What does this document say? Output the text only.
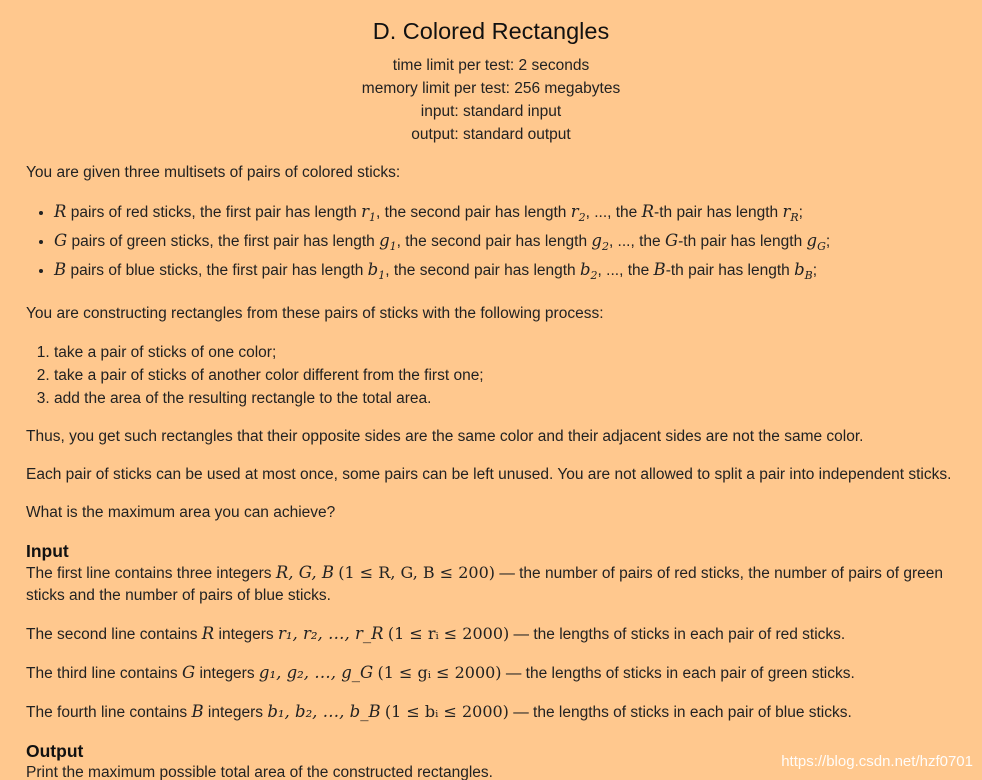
D. Colored Rectangles
time limit per test: 2 seconds
memory limit per test: 256 megabytes
input: standard input
output: standard output

You are given three multisets of pairs of colored sticks:

• R pairs of red sticks, the first pair has length $r_1$, the second pair has length $r_2$, ..., the R-th pair has length $r_R$;
• G pairs of green sticks, the first pair has length $g_1$, the second pair has length $g_2$, ..., the G-th pair has length $g_G$;
• B pairs of blue sticks, the first pair has length $b_1$, the second pair has length $b_2$, ..., the B-th pair has length $b_B$;

You are constructing rectangles from these pairs of sticks with the following process:

1. take a pair of sticks of one color;
2. take a pair of sticks of another color different from the first one;
3. add the area of the resulting rectangle to the total area.

Thus, you get such rectangles that their opposite sides are the same color and their adjacent sides are not the same color.

Each pair of sticks can be used at most once, some pairs can be left unused. You are not allowed to split a pair into independent sticks.

What is the maximum area you can achieve?

Input

The first line contains three integers R, G, B (1 ≤ R, G, B ≤ 200) — the number of pairs of red sticks, the number of pairs of green sticks and the number of pairs of blue sticks.

The second line contains R integers r₁, r₂, …, r_R (1 ≤ rᵢ ≤ 2000) — the lengths of sticks in each pair of red sticks.

The third line contains G integers g₁, g₂, …, g_G (1 ≤ gᵢ ≤ 2000) — the lengths of sticks in each pair of green sticks.

The fourth line contains B integers b₁, b₂, …, b_B (1 ≤ bᵢ ≤ 2000) — the lengths of sticks in each pair of blue sticks.

Output

Print the maximum possible total area of the constructed rectangles.

https://blog.csdn.net/hzf0701
